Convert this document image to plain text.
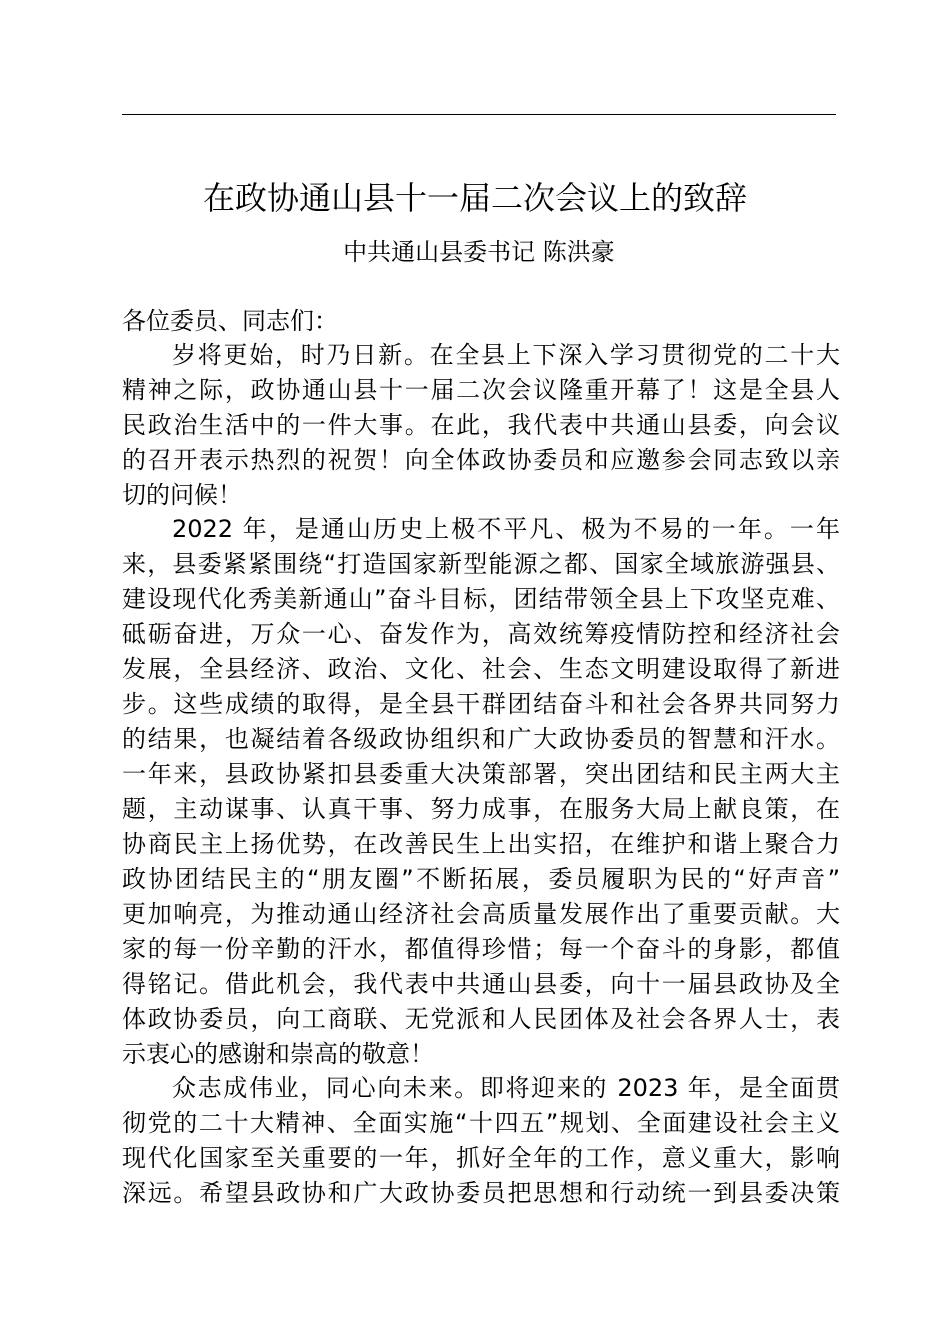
在政协通山县十一届二次会议上的致辞
中共通山县委书记 陈洪豪
各位委员、同志们：
岁将更始，时乃日新。在全县上下深入学习贯彻党的二十大
精神之际，政协通山县十一届二次会议隆重开幕了！这是全县人
民政治生活中的一件大事。在此，我代表中共通山县委，向会议
的召开表示热烈的祝贺！向全体政协委员和应邀参会同志致以亲
切的问候！
2022 年，是通山历史上极不平凡、极为不易的一年。一年
来，县委紧紧围绕“打造国家新型能源之都、国家全域旅游强县、
建设现代化秀美新通山”奋斗目标，团结带领全县上下攻坚克难、
砥砺奋进，万众一心、奋发作为，高效统筹疫情防控和经济社会
发展，全县经济、政治、文化、社会、生态文明建设取得了新进
步。这些成绩的取得，是全县干群团结奋斗和社会各界共同努力
的结果，也凝结着各级政协组织和广大政协委员的智慧和汗水。
一年来，县政协紧扣县委重大决策部署，突出团结和民主两大主
题，主动谋事、认真干事、努力成事，在服务大局上献良策，在
协商民主上扬优势，在改善民生上出实招，在维护和谐上聚合力
政协团结民主的“朋友圈”不断拓展，委员履职为民的“好声音”
更加响亮，为推动通山经济社会高质量发展作出了重要贡献。大
家的每一份辛勤的汗水，都值得珍惜；每一个奋斗的身影，都值
得铭记。借此机会，我代表中共通山县委，向十一届县政协及全
体政协委员，向工商联、无党派和人民团体及社会各界人士，表
示衷心的感谢和崇高的敬意！
众志成伟业，同心向未来。即将迎来的 2023 年，是全面贯
彻党的二十大精神、全面实施“十四五”规划、全面建设社会主义
现代化国家至关重要的一年，抓好全年的工作，意义重大，影响
深远。希望县政协和广大政协委员把思想和行动统一到县委决策
